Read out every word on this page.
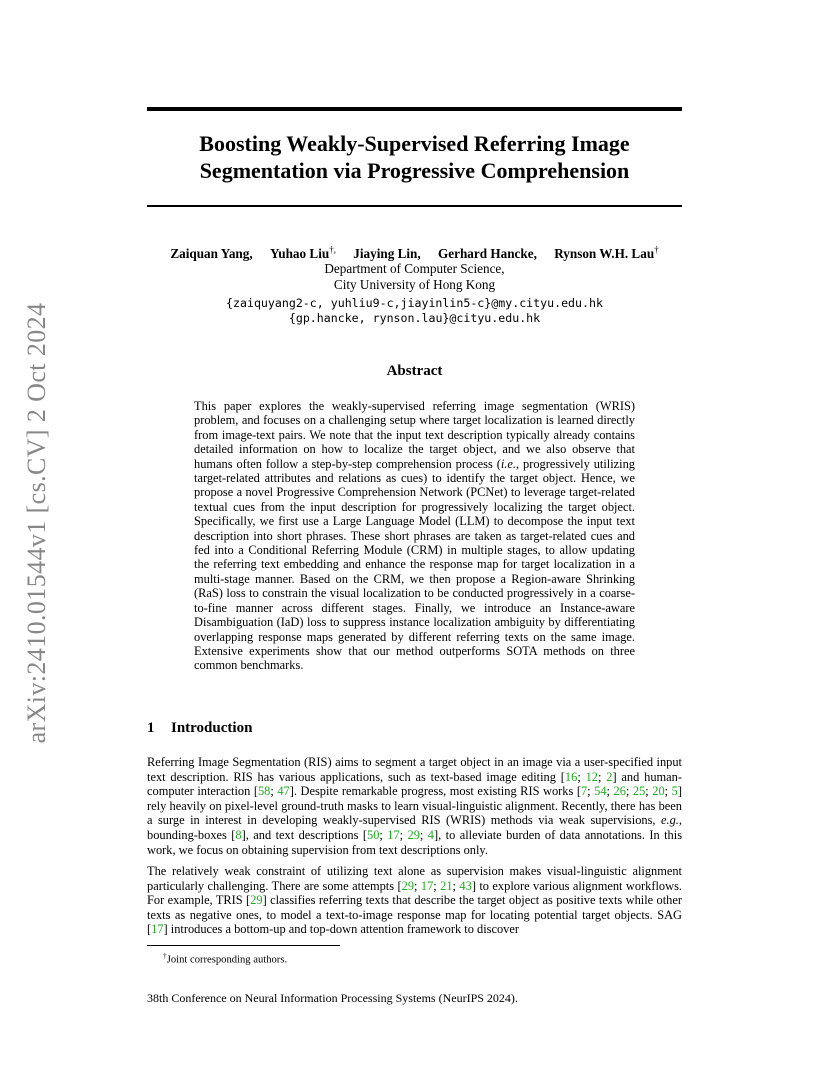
Boosting Weakly-Supervised Referring Image
Segmentation via Progressive Comprehension
arXiv:2410.01544v1 [cs.CV] 2 Oct 2024
Zaiquan Yang, Yuhao Liu†, Jiaying Lin, Gerhard Hancke, Rynson W.H. Lau†
Department of Computer Science,
City University of Hong Kong
{zaiquyang2-c, yuhliu9-c,jiayinlin5-c}@my.cityu.edu.hk
{gp.hancke, rynson.lau}@cityu.edu.hk
Abstract
This paper explores the weakly-supervised referring image segmentation (WRIS) problem, and focuses on a challenging setup where target localization is learned directly from image-text pairs. We note that the input text description typically already contains detailed information on how to localize the target object, and we also observe that humans often follow a step-by-step comprehension process (i.e., progressively utilizing target-related attributes and relations as cues) to identify the target object. Hence, we propose a novel Progressive Comprehension Network (PCNet) to leverage target-related textual cues from the input description for progressively localizing the target object. Specifically, we first use a Large Language Model (LLM) to decompose the input text description into short phrases. These short phrases are taken as target-related cues and fed into a Conditional Referring Module (CRM) in multiple stages, to allow updating the referring text embedding and enhance the response map for target localization in a multi-stage manner. Based on the CRM, we then propose a Region-aware Shrinking (RaS) loss to constrain the visual localization to be conducted progressively in a coarse-to-fine manner across different stages. Finally, we introduce an Instance-aware Disambiguation (IaD) loss to suppress instance localization ambiguity by differentiating overlapping response maps generated by different referring texts on the same image. Extensive experiments show that our method outperforms SOTA methods on three common benchmarks.
1 Introduction
Referring Image Segmentation (RIS) aims to segment a target object in an image via a user-specified input text description. RIS has various applications, such as text-based image editing [16; 12; 2] and human-computer interaction [58; 47]. Despite remarkable progress, most existing RIS works [7; 54; 26; 25; 20; 5] rely heavily on pixel-level ground-truth masks to learn visual-linguistic alignment. Recently, there has been a surge in interest in developing weakly-supervised RIS (WRIS) methods via weak supervisions, e.g., bounding-boxes [8], and text descriptions [50; 17; 29; 4], to alleviate burden of data annotations. In this work, we focus on obtaining supervision from text descriptions only.
The relatively weak constraint of utilizing text alone as supervision makes visual-linguistic alignment particularly challenging. There are some attempts [29; 17; 21; 43] to explore various alignment workflows. For example, TRIS [29] classifies referring texts that describe the target object as positive texts while other texts as negative ones, to model a text-to-image response map for locating potential target objects. SAG [17] introduces a bottom-up and top-down attention framework to discover
†Joint corresponding authors.
38th Conference on Neural Information Processing Systems (NeurIPS 2024).
